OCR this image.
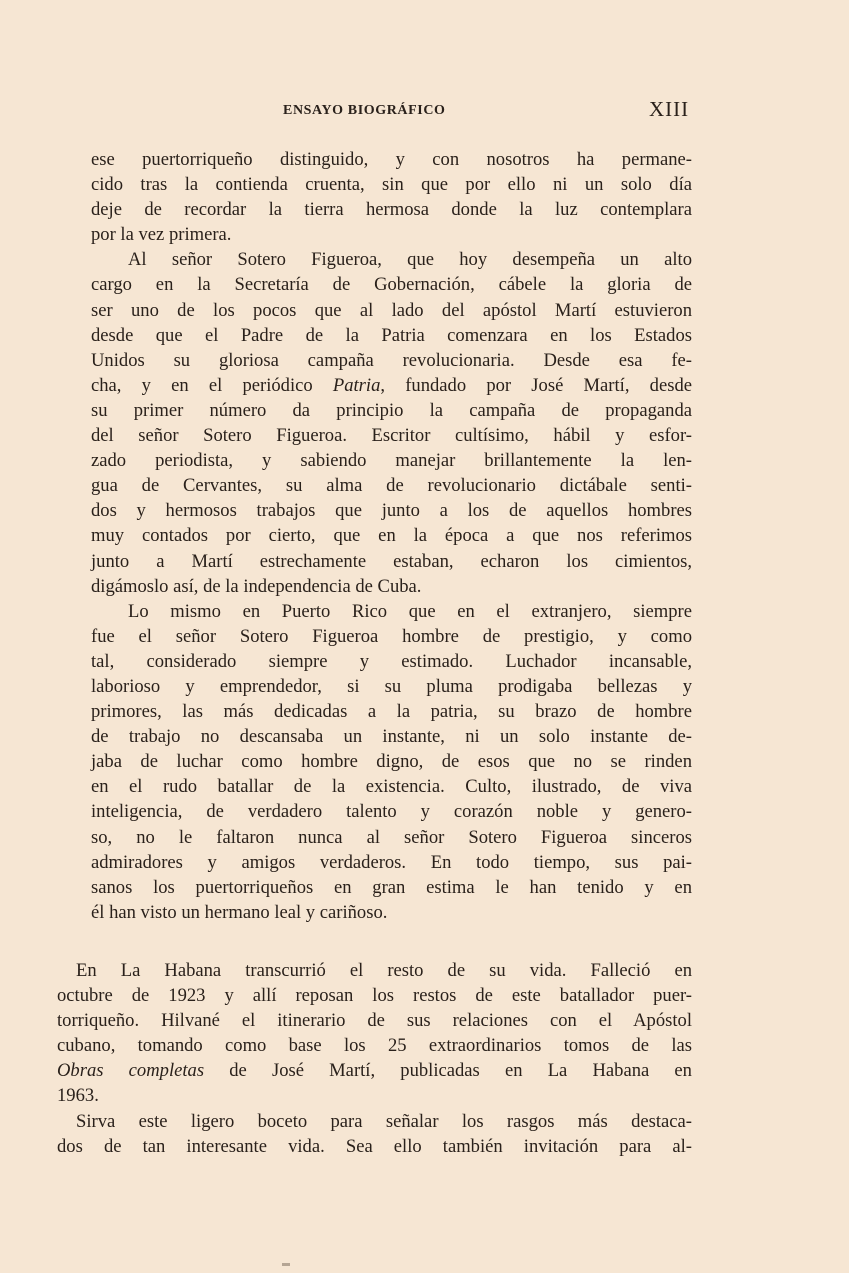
ENSAYO BIOGRÁFICO	XIII
ese puertorriqueño distinguido, y con nosotros ha permane-
cido tras la contienda cruenta, sin que por ello ni un solo día
deje de recordar la tierra hermosa donde la luz contemplara
por la vez primera.
Al señor Sotero Figueroa, que hoy desempeña un alto
cargo en la Secretaría de Gobernación, cábele la gloria de
ser uno de los pocos que al lado del apóstol Martí estuvieron
desde que el Padre de la Patria comenzara en los Estados
Unidos su gloriosa campaña revolucionaria. Desde esa fe-
cha, y en el periódico Patria, fundado por José Martí, desde
su primer número da principio la campaña de propaganda
del señor Sotero Figueroa. Escritor cultísimo, hábil y esfor-
zado periodista, y sabiendo manejar brillantemente la len-
gua de Cervantes, su alma de revolucionario dictábale senti-
dos y hermosos trabajos que junto a los de aquellos hombres
muy contados por cierto, que en la época a que nos referimos
junto a Martí estrechamente estaban, echaron los cimientos,
digámoslo así, de la independencia de Cuba.
Lo mismo en Puerto Rico que en el extranjero, siempre
fue el señor Sotero Figueroa hombre de prestigio, y como
tal, considerado siempre y estimado. Luchador incansable,
laborioso y emprendedor, si su pluma prodigaba bellezas y
primores, las más dedicadas a la patria, su brazo de hombre
de trabajo no descansaba un instante, ni un solo instante de-
jaba de luchar como hombre digno, de esos que no se rinden
en el rudo batallar de la existencia. Culto, ilustrado, de viva
inteligencia, de verdadero talento y corazón noble y genero-
so, no le faltaron nunca al señor Sotero Figueroa sinceros
admiradores y amigos verdaderos. En todo tiempo, sus pai-
sanos los puertorriqueños en gran estima le han tenido y en
él han visto un hermano leal y cariñoso.
En La Habana transcurrió el resto de su vida. Falleció en
octubre de 1923 y allí reposan los restos de este batallador puer-
torriqueño. Hilvané el itinerario de sus relaciones con el Apóstol
cubano, tomando como base los 25 extraordinarios tomos de las
Obras completas de José Martí, publicadas en La Habana en
1963.
Sirva este ligero boceto para señalar los rasgos más destaca-
dos de tan interesante vida. Sea ello también invitación para al-
